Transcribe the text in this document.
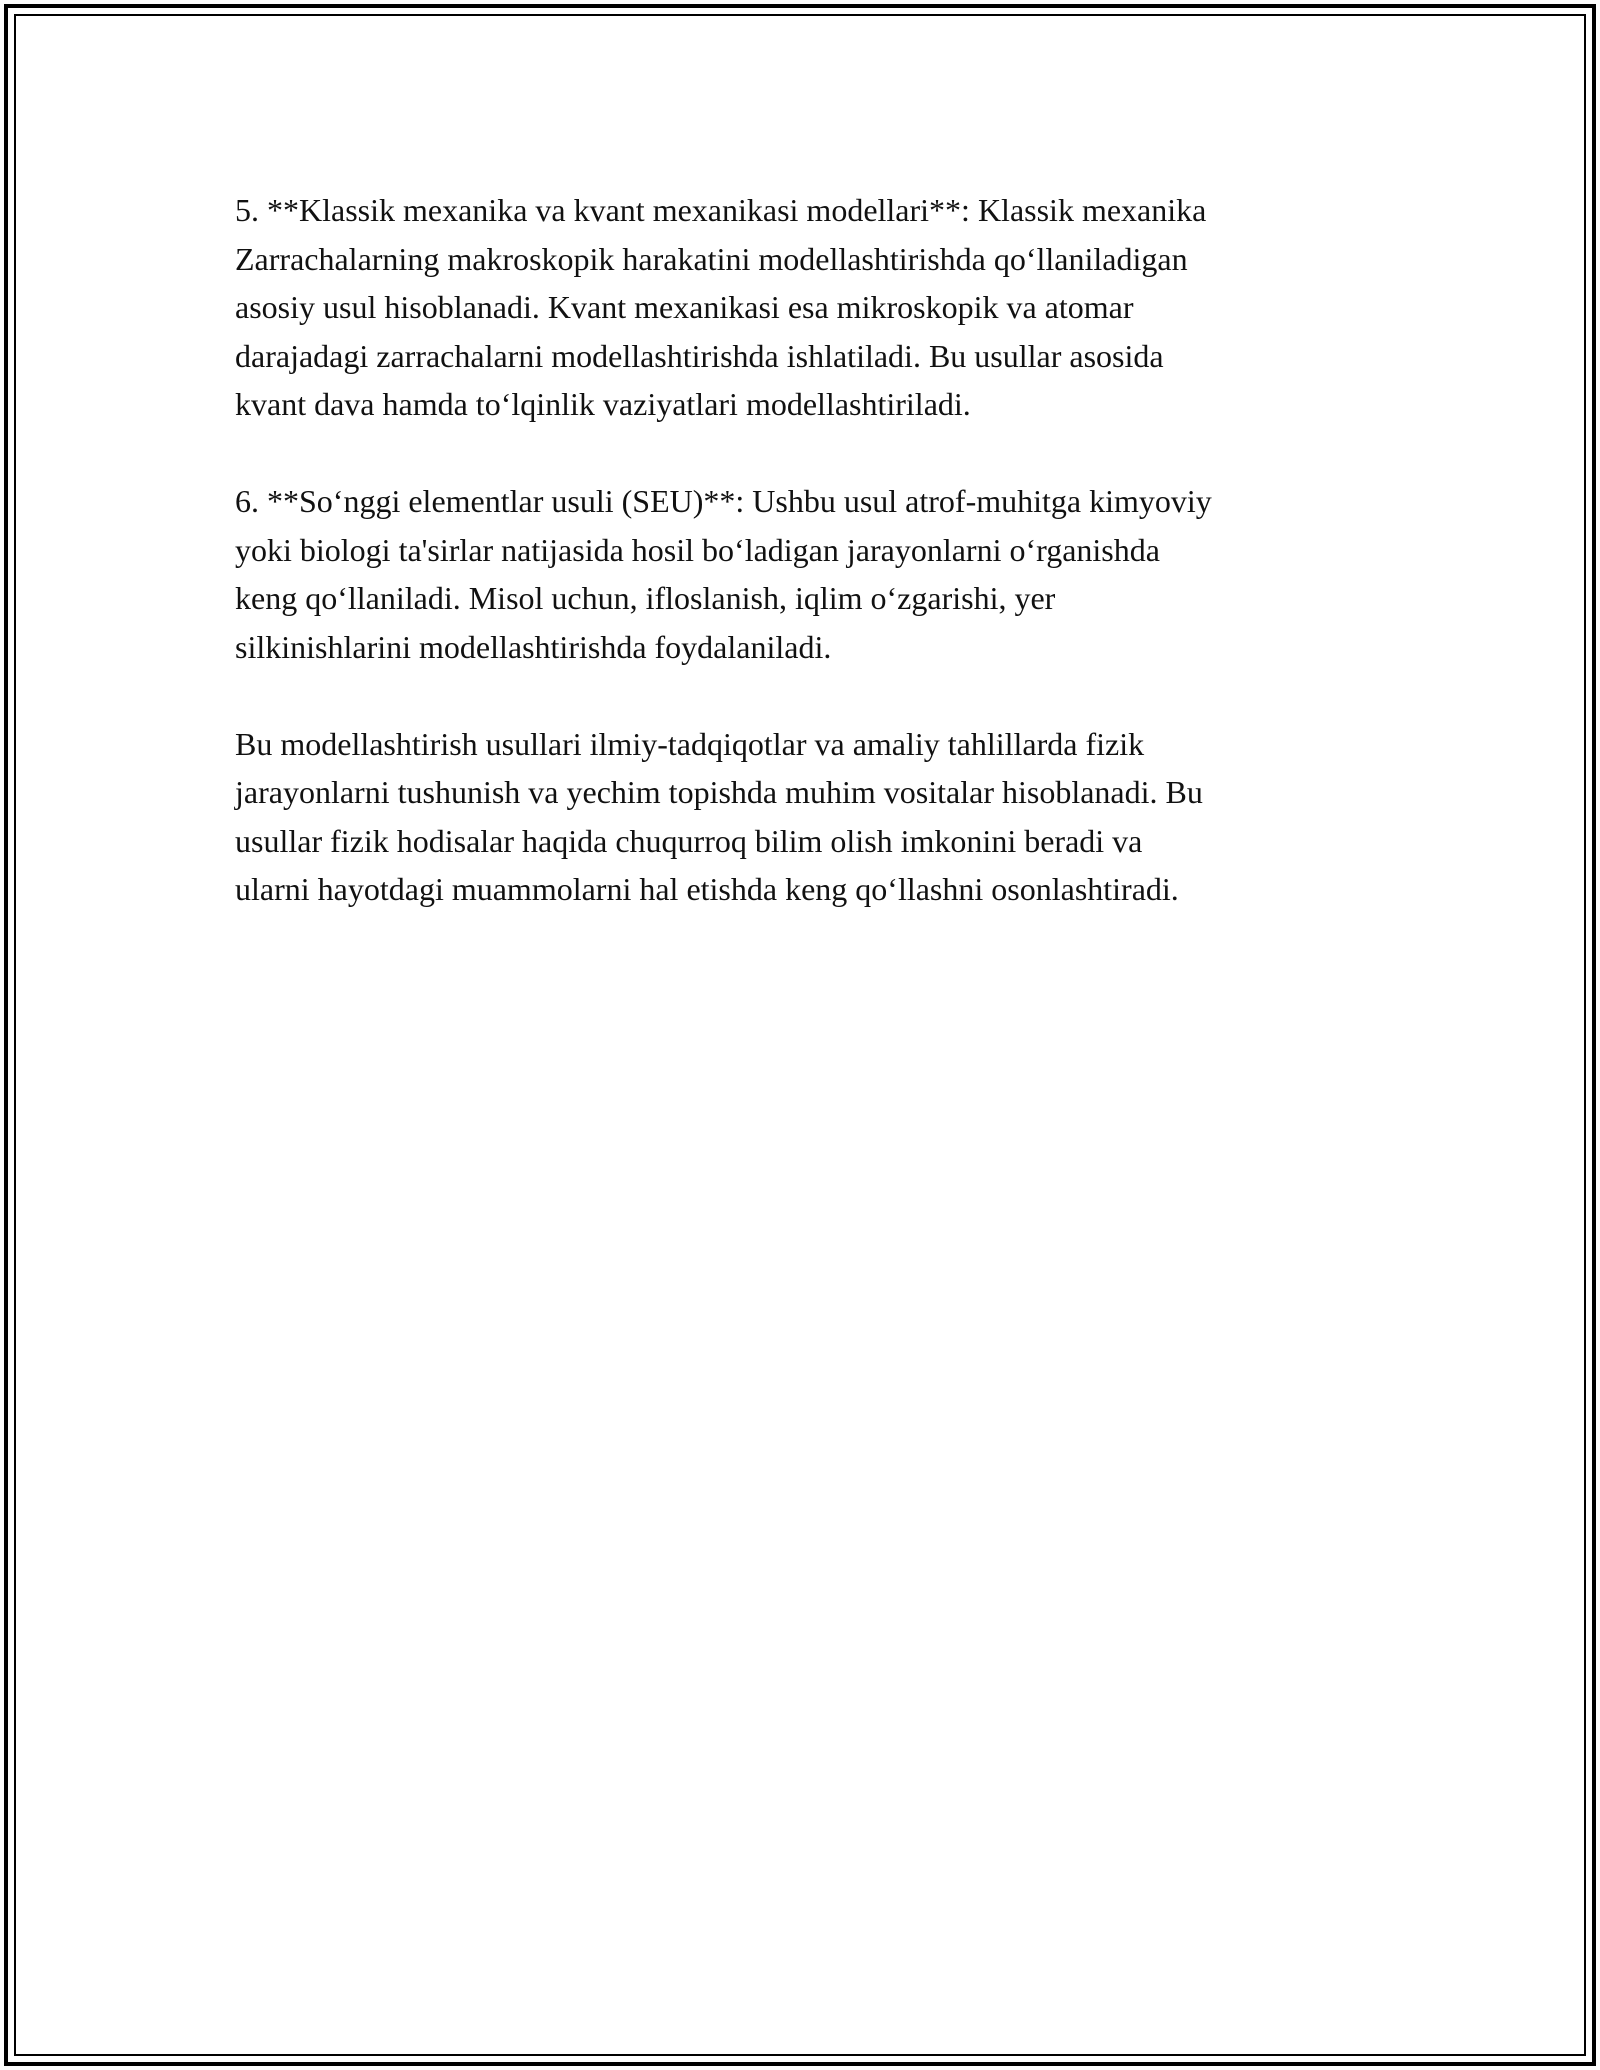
5. **Klassik mexanika va kvant mexanikasi modellari**: Klassik mexanika
Zarrachalarning makroskopik harakatini modellashtirishda qo‘llaniladigan
asosiy usul hisoblanadi. Kvant mexanikasi esa mikroskopik va atomar
darajadagi zarrachalarni modellashtirishda ishlatiladi. Bu usullar asosida
kvant dava hamda to‘lqinlik vaziyatlari modellashtiriladi.

6. **So‘nggi elementlar usuli (SEU)**: Ushbu usul atrof-muhitga kimyoviy
yoki biologi ta'sirlar natijasida hosil bo‘ladigan jarayonlarni o‘rganishda
keng qo‘llaniladi. Misol uchun, ifloslanish, iqlim o‘zgarishi, yer
silkinishlarini modellashtirishda foydalaniladi.

Bu modellashtirish usullari ilmiy-tadqiqotlar va amaliy tahlillarda fizik
jarayonlarni tushunish va yechim topishda muhim vositalar hisoblanadi. Bu
usullar fizik hodisalar haqida chuqurroq bilim olish imkonini beradi va
ularni hayotdagi muammolarni hal etishda keng qo‘llashni osonlashtiradi.
